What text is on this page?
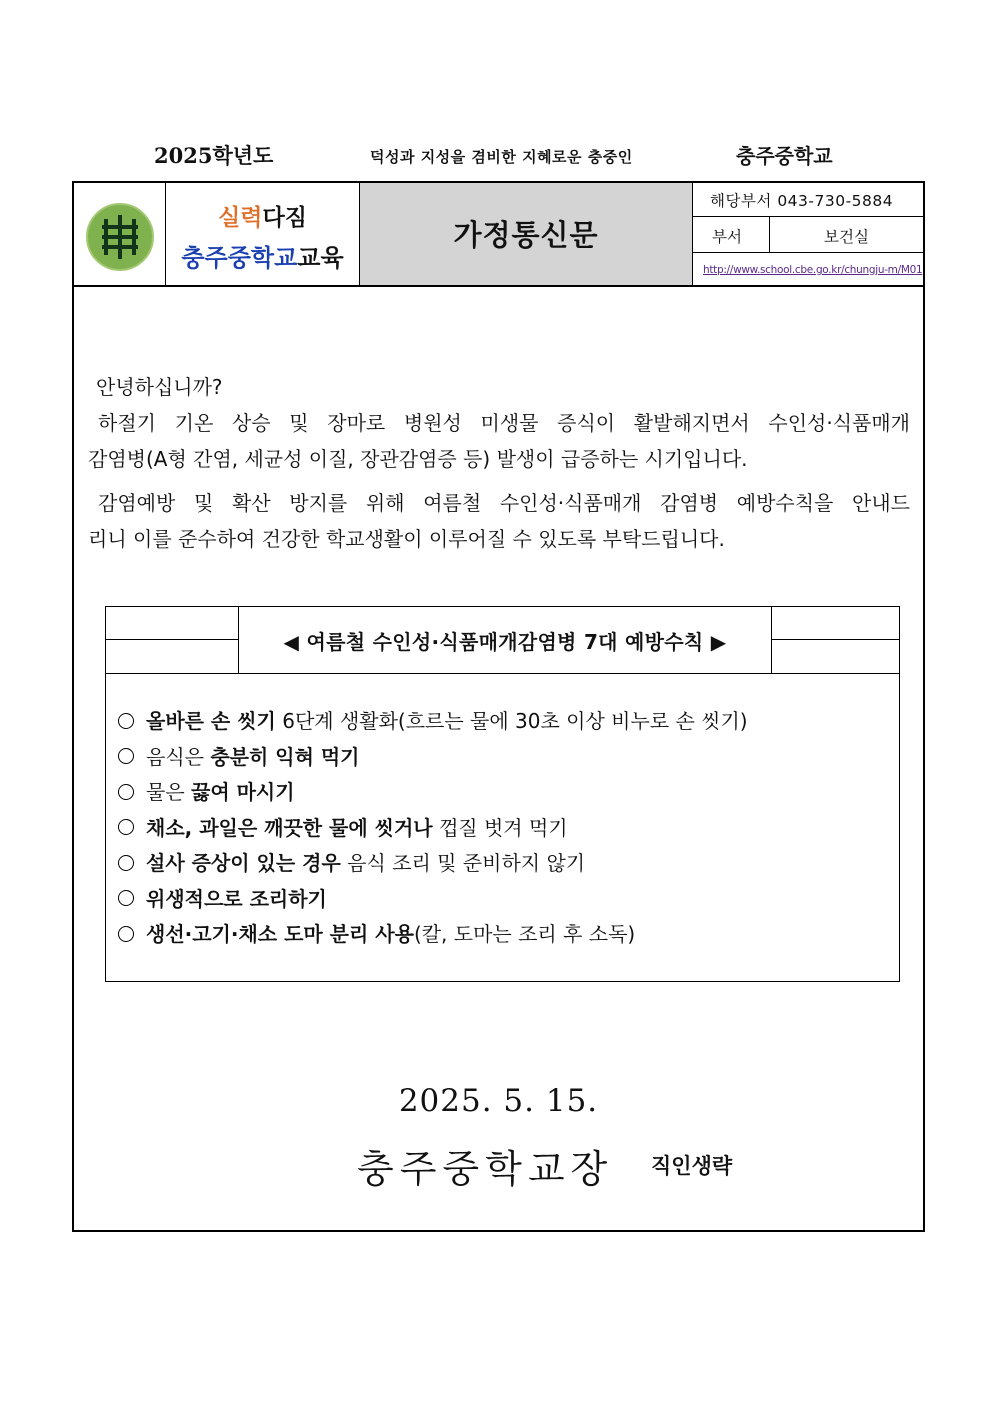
2025학년도	덕성과 지성을 겸비한 지혜로운 충중인	충주중학교
실력다짐
충주중학교교육
가정통신문
해당부서 043-730-5884
부서	보건실
http://www.school.cbe.go.kr/chungju-m/M01
안녕하십니까?
하절기 기온 상승 및 장마로 병원성 미생물 증식이 활발해지면서 수인성·식품매개
감염병(A형 간염, 세균성 이질, 장관감염증 등) 발생이 급증하는 시기입니다.
감염예방 및 확산 방지를 위해 여름철 수인성·식품매개 감염병 예방수칙을 안내드
리니 이를 준수하여 건강한 학교생활이 이루어질 수 있도록 부탁드립니다.
◀ 여름철 수인성·식품매개감염병 7대 예방수칙 ▶
올바른 손 씻기 6단계 생활화(흐르는 물에 30초 이상 비누로 손 씻기)
음식은 충분히 익혀 먹기
물은 끓여 마시기
채소, 과일은 깨끗한 물에 씻거나 껍질 벗겨 먹기
설사 증상이 있는 경우 음식 조리 및 준비하지 않기
위생적으로 조리하기
생선·고기·채소 도마 분리 사용(칼, 도마는 조리 후 소독)
2025. 5. 15.
충주중학교장 직인생략
